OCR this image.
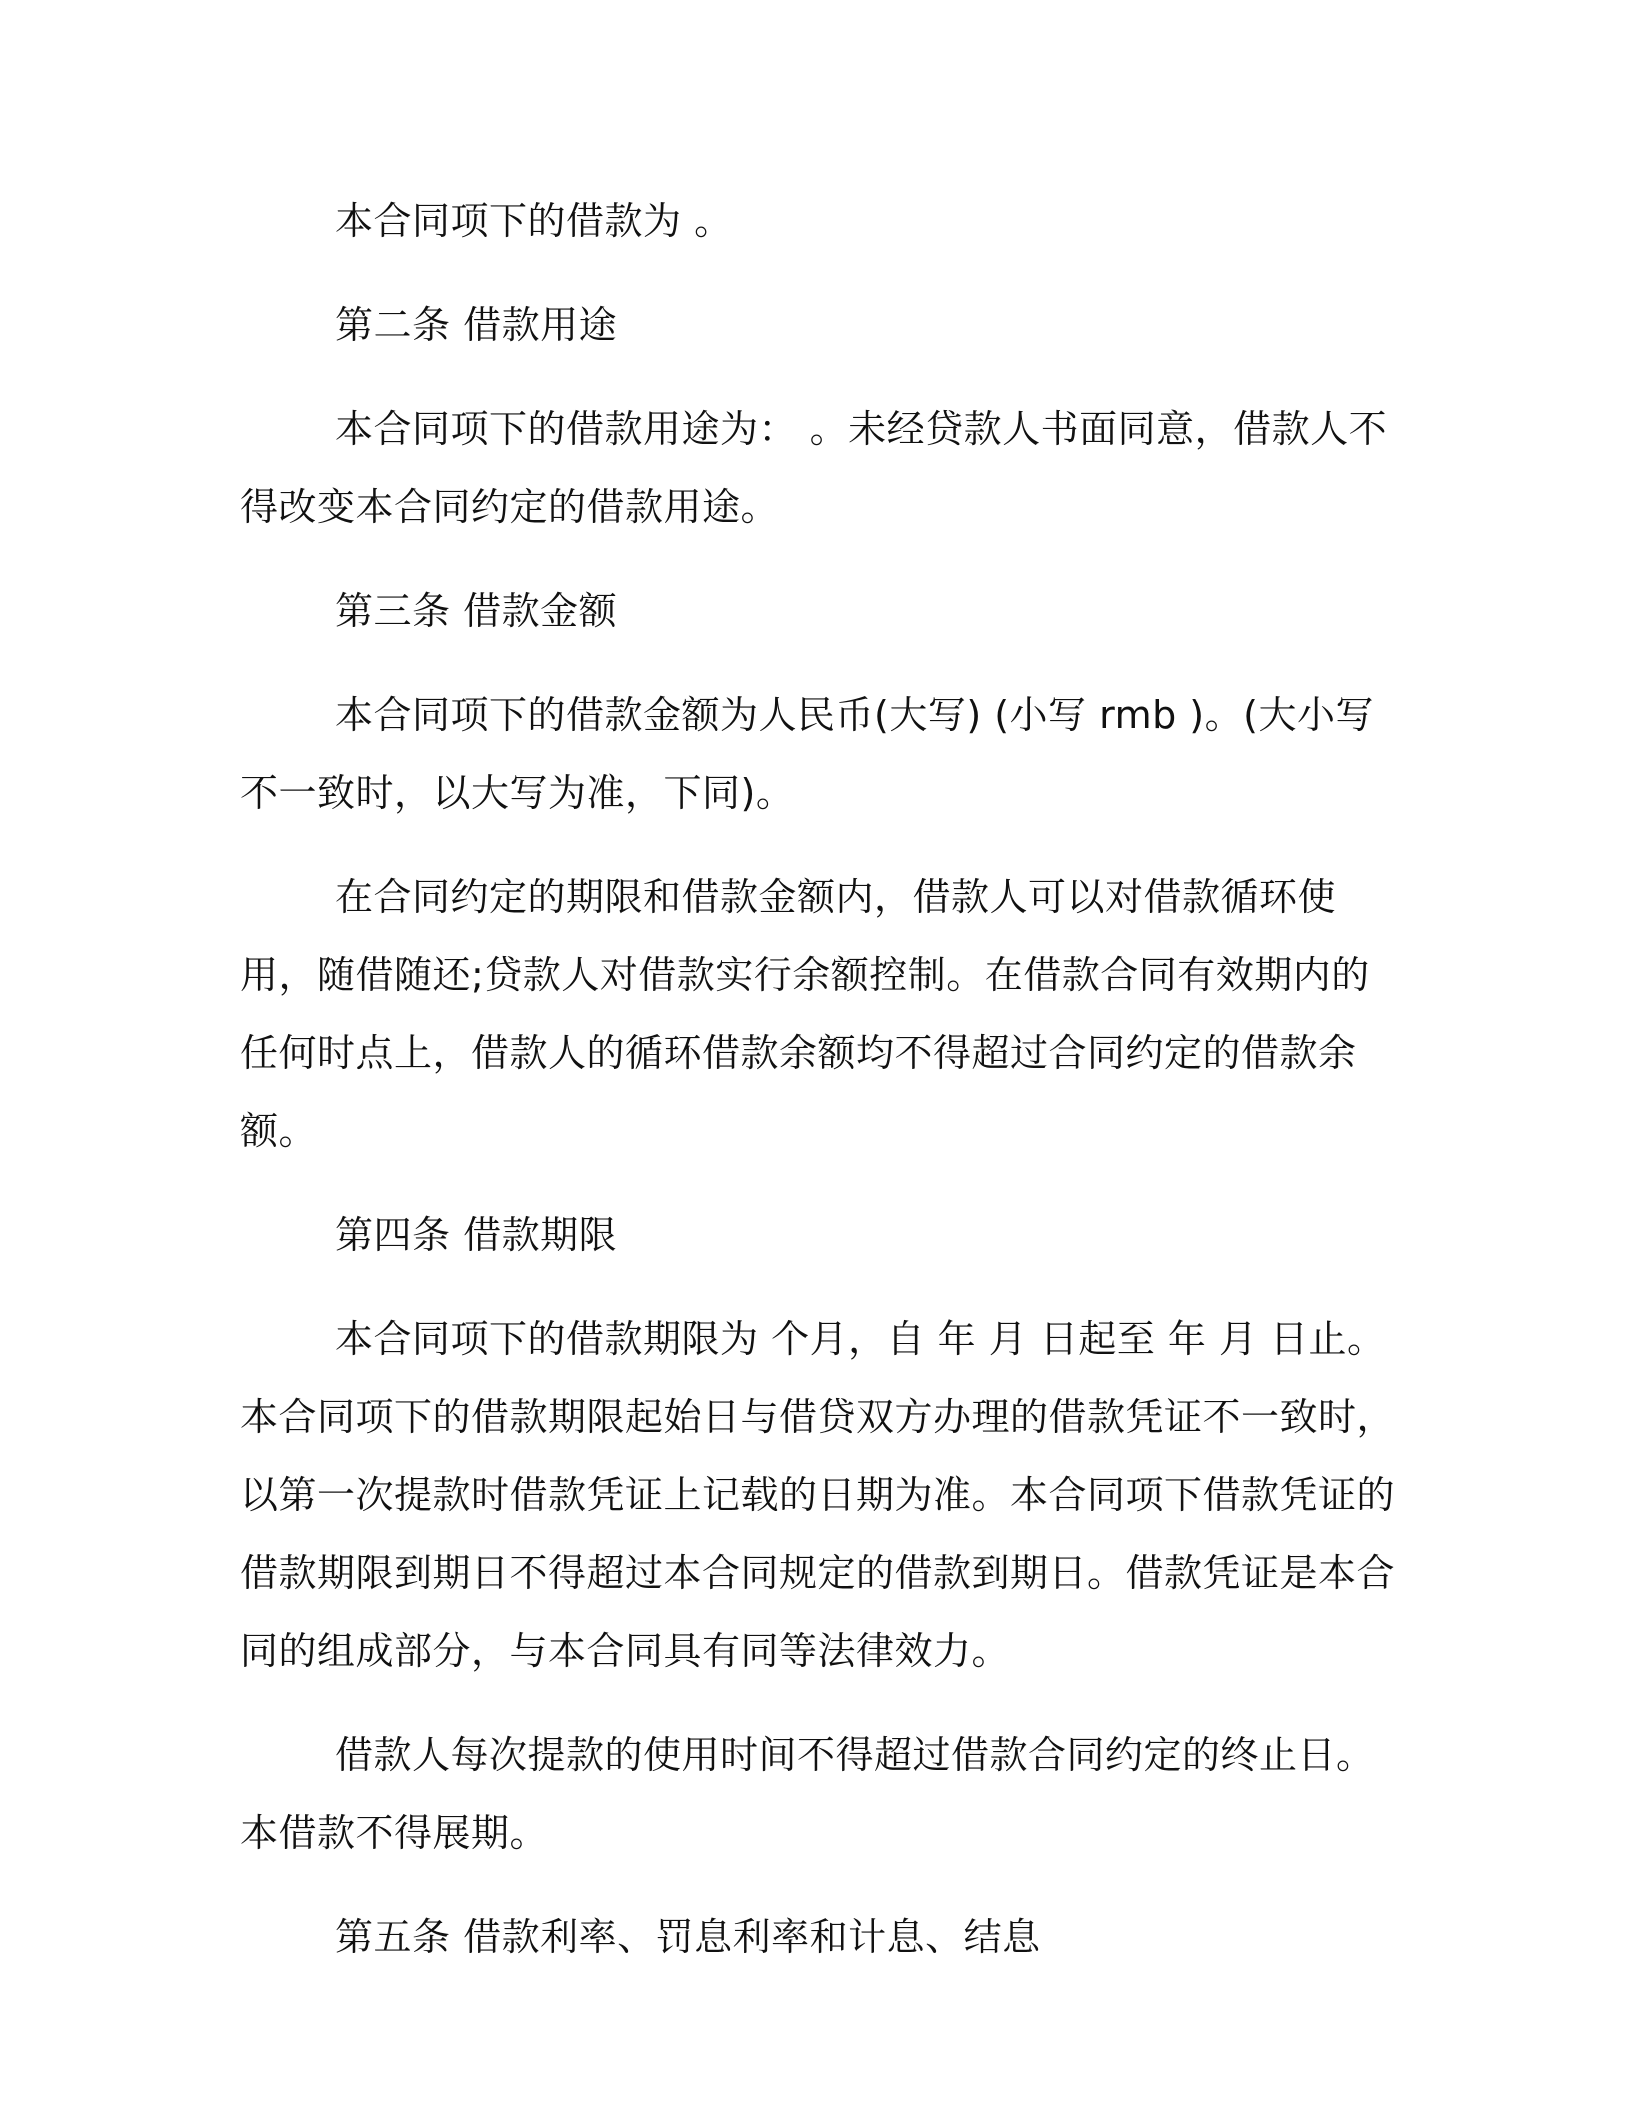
本合同项下的借款为 。

第二条 借款用途

本合同项下的借款用途为： 。未经贷款人书面同意，借款人不得改变本合同约定的借款用途。

第三条 借款金额

本合同项下的借款金额为人民币(大写) (小写 rmb )。(大小写不一致时，以大写为准，下同)。

在合同约定的期限和借款金额内，借款人可以对借款循环使用，随借随还;贷款人对借款实行余额控制。在借款合同有效期内的任何时点上，借款人的循环借款余额均不得超过合同约定的借款余额。

第四条 借款期限

本合同项下的借款期限为 个月，自 年 月 日起至 年 月 日止。本合同项下的借款期限起始日与借贷双方办理的借款凭证不一致时，以第一次提款时借款凭证上记载的日期为准。本合同项下借款凭证的借款期限到期日不得超过本合同规定的借款到期日。借款凭证是本合同的组成部分，与本合同具有同等法律效力。

借款人每次提款的使用时间不得超过借款合同约定的终止日。本借款不得展期。

第五条 借款利率、罚息利率和计息、结息
